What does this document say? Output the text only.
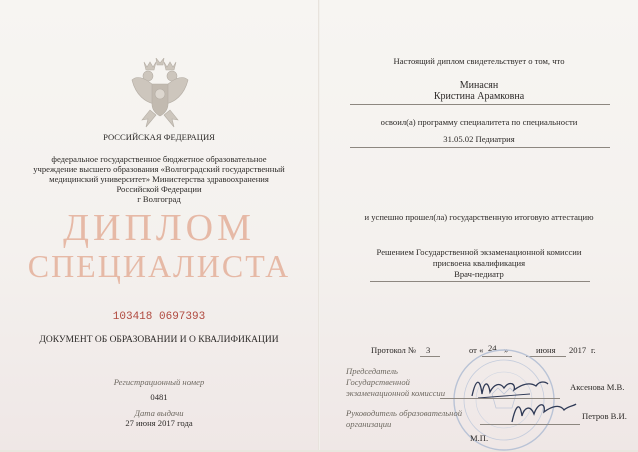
РОССИЙСКАЯ ФЕДЕРАЦИЯ
федеральное государственное бюджетное образовательное
учреждение высшего образования «Волгоградский государственный
медицинский университет» Министерства здравоохранения
Российской Федерации
г Волгоград
ДИПЛОМ
СПЕЦИАЛИСТА
103418 0697393
ДОКУМЕНТ ОБ ОБРАЗОВАНИИ И О КВАЛИФИКАЦИИ
Регистрационный номер
0481
Дата выдачи
27 июня 2017 года
Настоящий диплом свидетельствует о том, что
Минасян
Кристина Арамковна
освоил(а) программу специалитета по специальности
31.05.02 Педиатрия
и успешно прошел(ла) государственную итоговую аттестацию
Решением Государственной экзаменационной комиссии
присвоена квалификация
Врач-педиатр
Протокол № 3	от « 24 »	июня 2017 г.
Председатель
Государственной
экзаменационной комиссии
Аксенова М.В.
Руководитель образовательной
организации
Петров В.И.
М.П.
